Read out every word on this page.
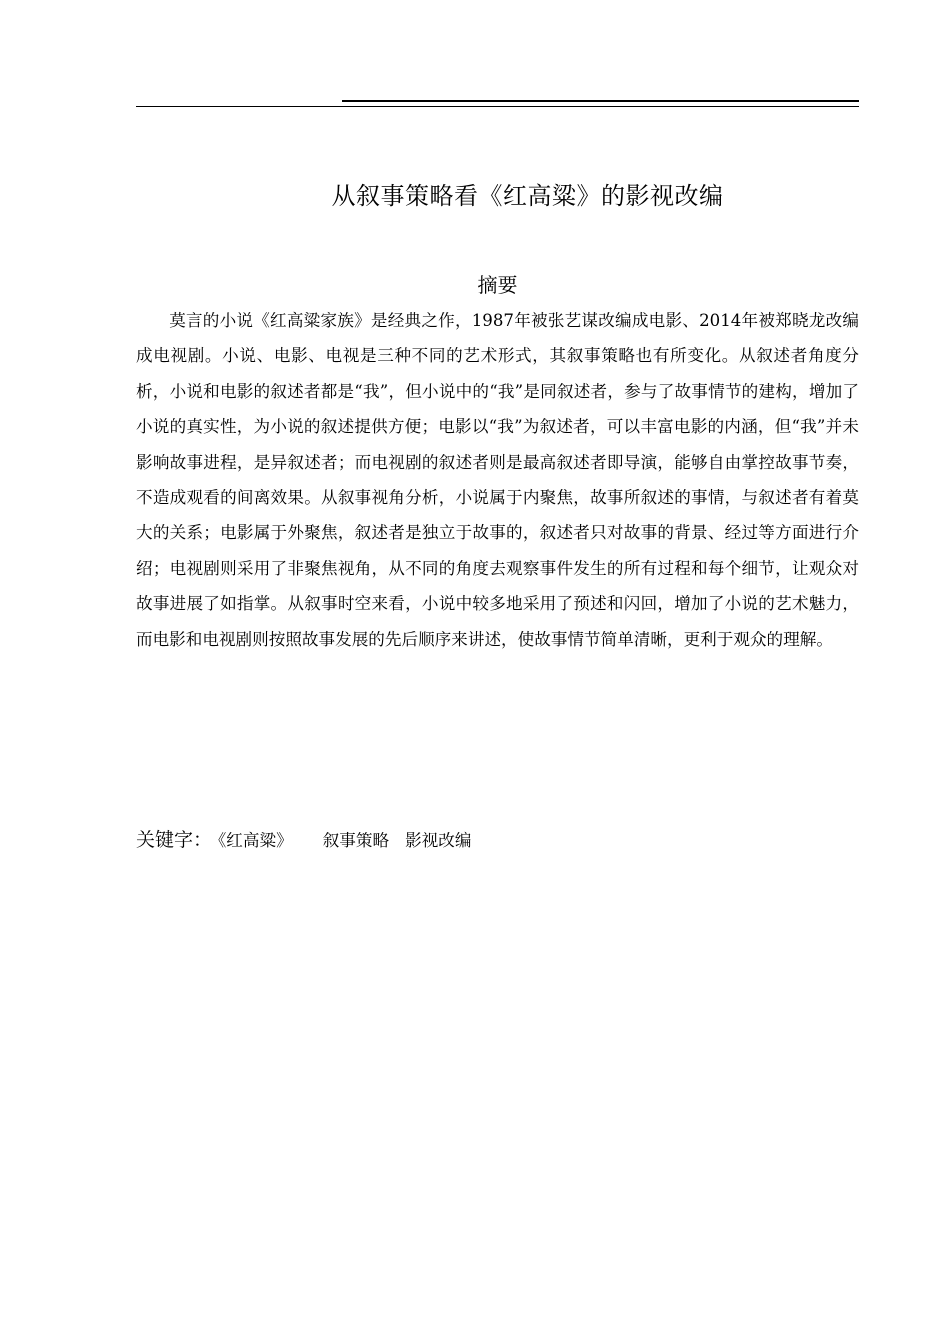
从叙事策略看《红高粱》的影视改编
摘要

莫言的小说《红高粱家族》是经典之作，1987年被张艺谋改编成电影、2014年被郑晓龙改编成电视剧。小说、电影、电视是三种不同的艺术形式，其叙事策略也有所变化。从叙述者角度分析，小说和电影的叙述者都是“我”，但小说中的“我”是同叙述者，参与了故事情节的建构，增加了小说的真实性，为小说的叙述提供方便；电影以“我”为叙述者，可以丰富电影的内涵，但“我”并未影响故事进程，是异叙述者；而电视剧的叙述者则是最高叙述者即导演，能够自由掌控故事节奏，不造成观看的间离效果。从叙事视角分析，小说属于内聚焦，故事所叙述的事情，与叙述者有着莫大的关系；电影属于外聚焦，叙述者是独立于故事的，叙述者只对故事的背景、经过等方面进行介绍；电视剧则采用了非聚焦视角，从不同的角度去观察事件发生的所有过程和每个细节，让观众对故事进展了如指掌。从叙事时空来看，小说中较多地采用了预述和闪回，增加了小说的艺术魅力，而电影和电视剧则按照故事发展的先后顺序来讲述，使故事情节简单清晰，更利于观众的理解。

关键字： 《红高粱》 叙事策略 影视改编
